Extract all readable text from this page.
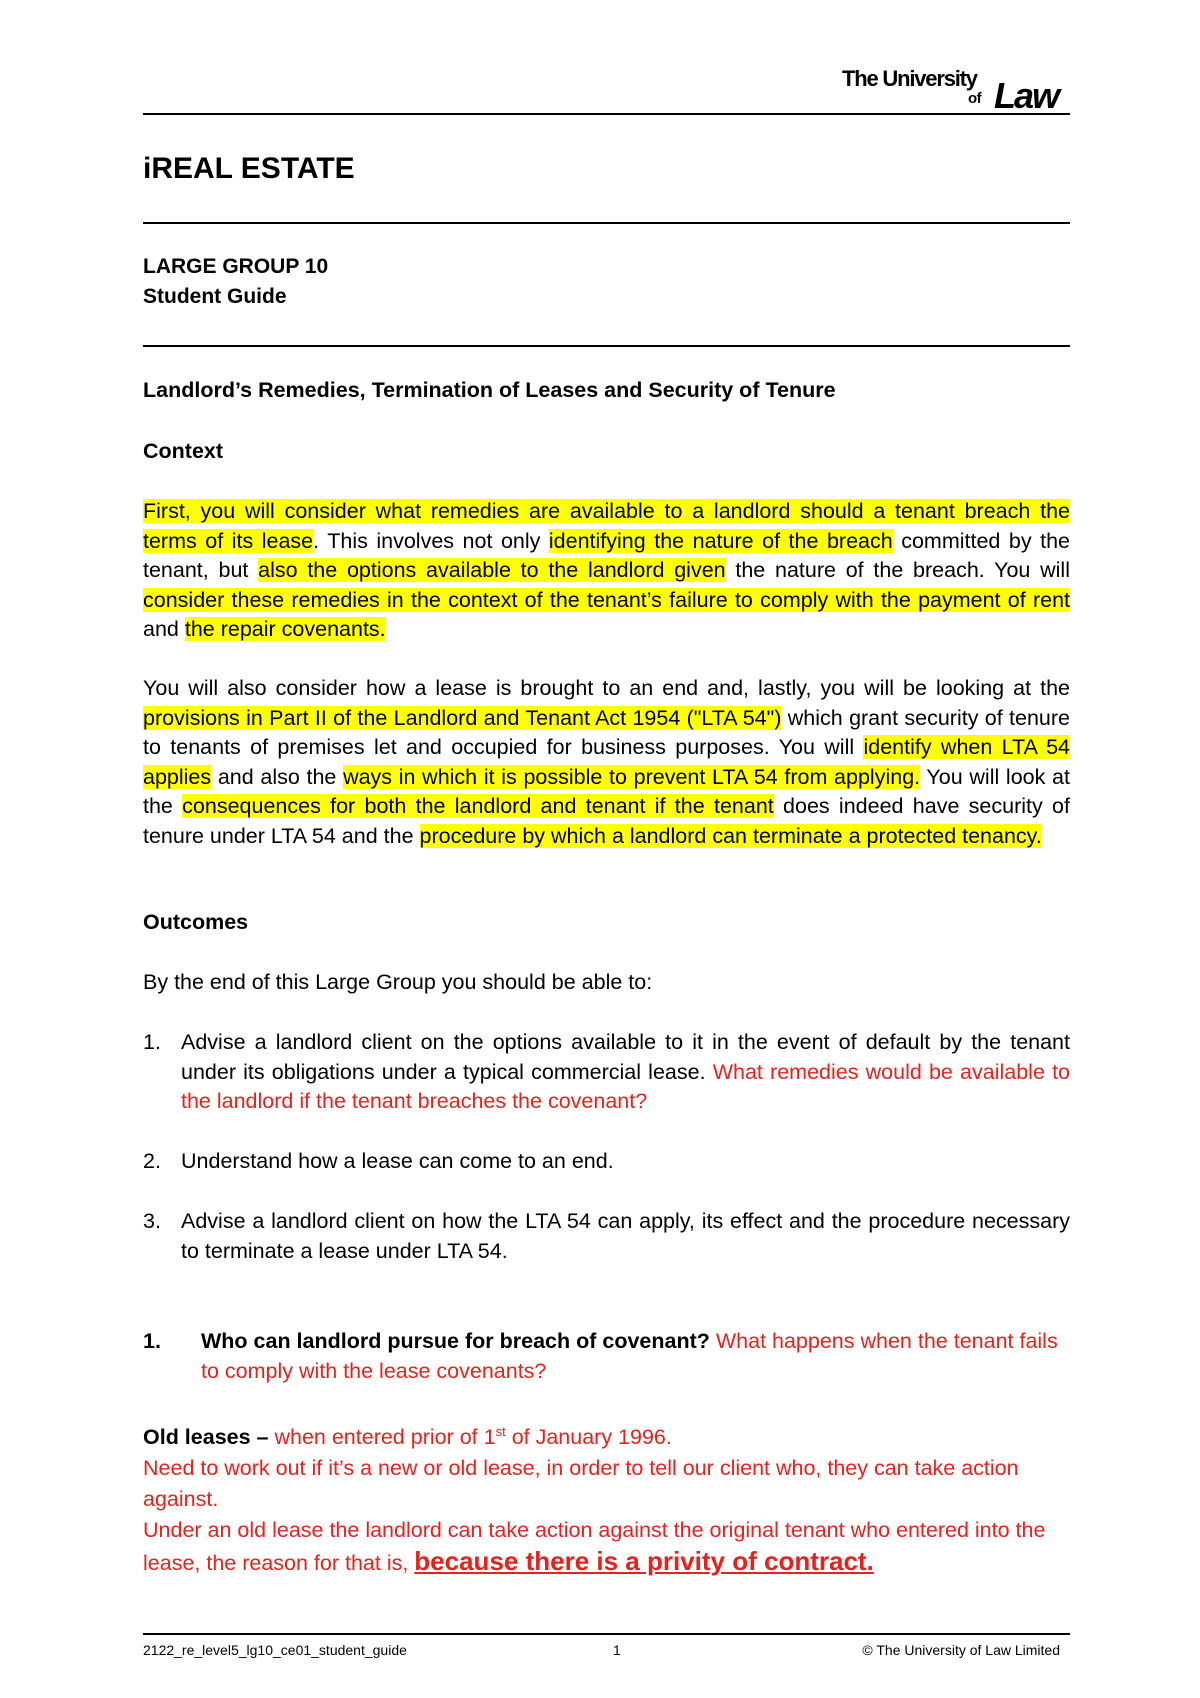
The University
of Law
iREAL ESTATE
LARGE GROUP 10
Student Guide
Landlord’s Remedies, Termination of Leases and Security of Tenure
Context
First, you will consider what remedies are available to a landlord should a tenant breach the terms of its lease. This involves not only identifying the nature of the breach committed by the tenant, but also the options available to the landlord given the nature of the breach. You will consider these remedies in the context of the tenant’s failure to comply with the payment of rent and the repair covenants.
You will also consider how a lease is brought to an end and, lastly, you will be looking at the provisions in Part II of the Landlord and Tenant Act 1954 ("LTA 54") which grant security of tenure to tenants of premises let and occupied for business purposes. You will identify when LTA 54 applies and also the ways in which it is possible to prevent LTA 54 from applying. You will look at the consequences for both the landlord and tenant if the tenant does indeed have security of tenure under LTA 54 and the procedure by which a landlord can terminate a protected tenancy.
Outcomes
By the end of this Large Group you should be able to:
1. Advise a landlord client on the options available to it in the event of default by the tenant under its obligations under a typical commercial lease. What remedies would be available to the landlord if the tenant breaches the covenant?
2. Understand how a lease can come to an end.
3. Advise a landlord client on how the LTA 54 can apply, its effect and the procedure necessary to terminate a lease under LTA 54.
1. Who can landlord pursue for breach of covenant? What happens when the tenant fails to comply with the lease covenants?
Old leases – when entered prior of 1st of January 1996.
Need to work out if it’s a new or old lease, in order to tell our client who, they can take action against.
Under an old lease the landlord can take action against the original tenant who entered into the lease, the reason for that is, because there is a privity of contract.
2122_re_level5_lg10_ce01_student_guide	1	© The University of Law Limited
